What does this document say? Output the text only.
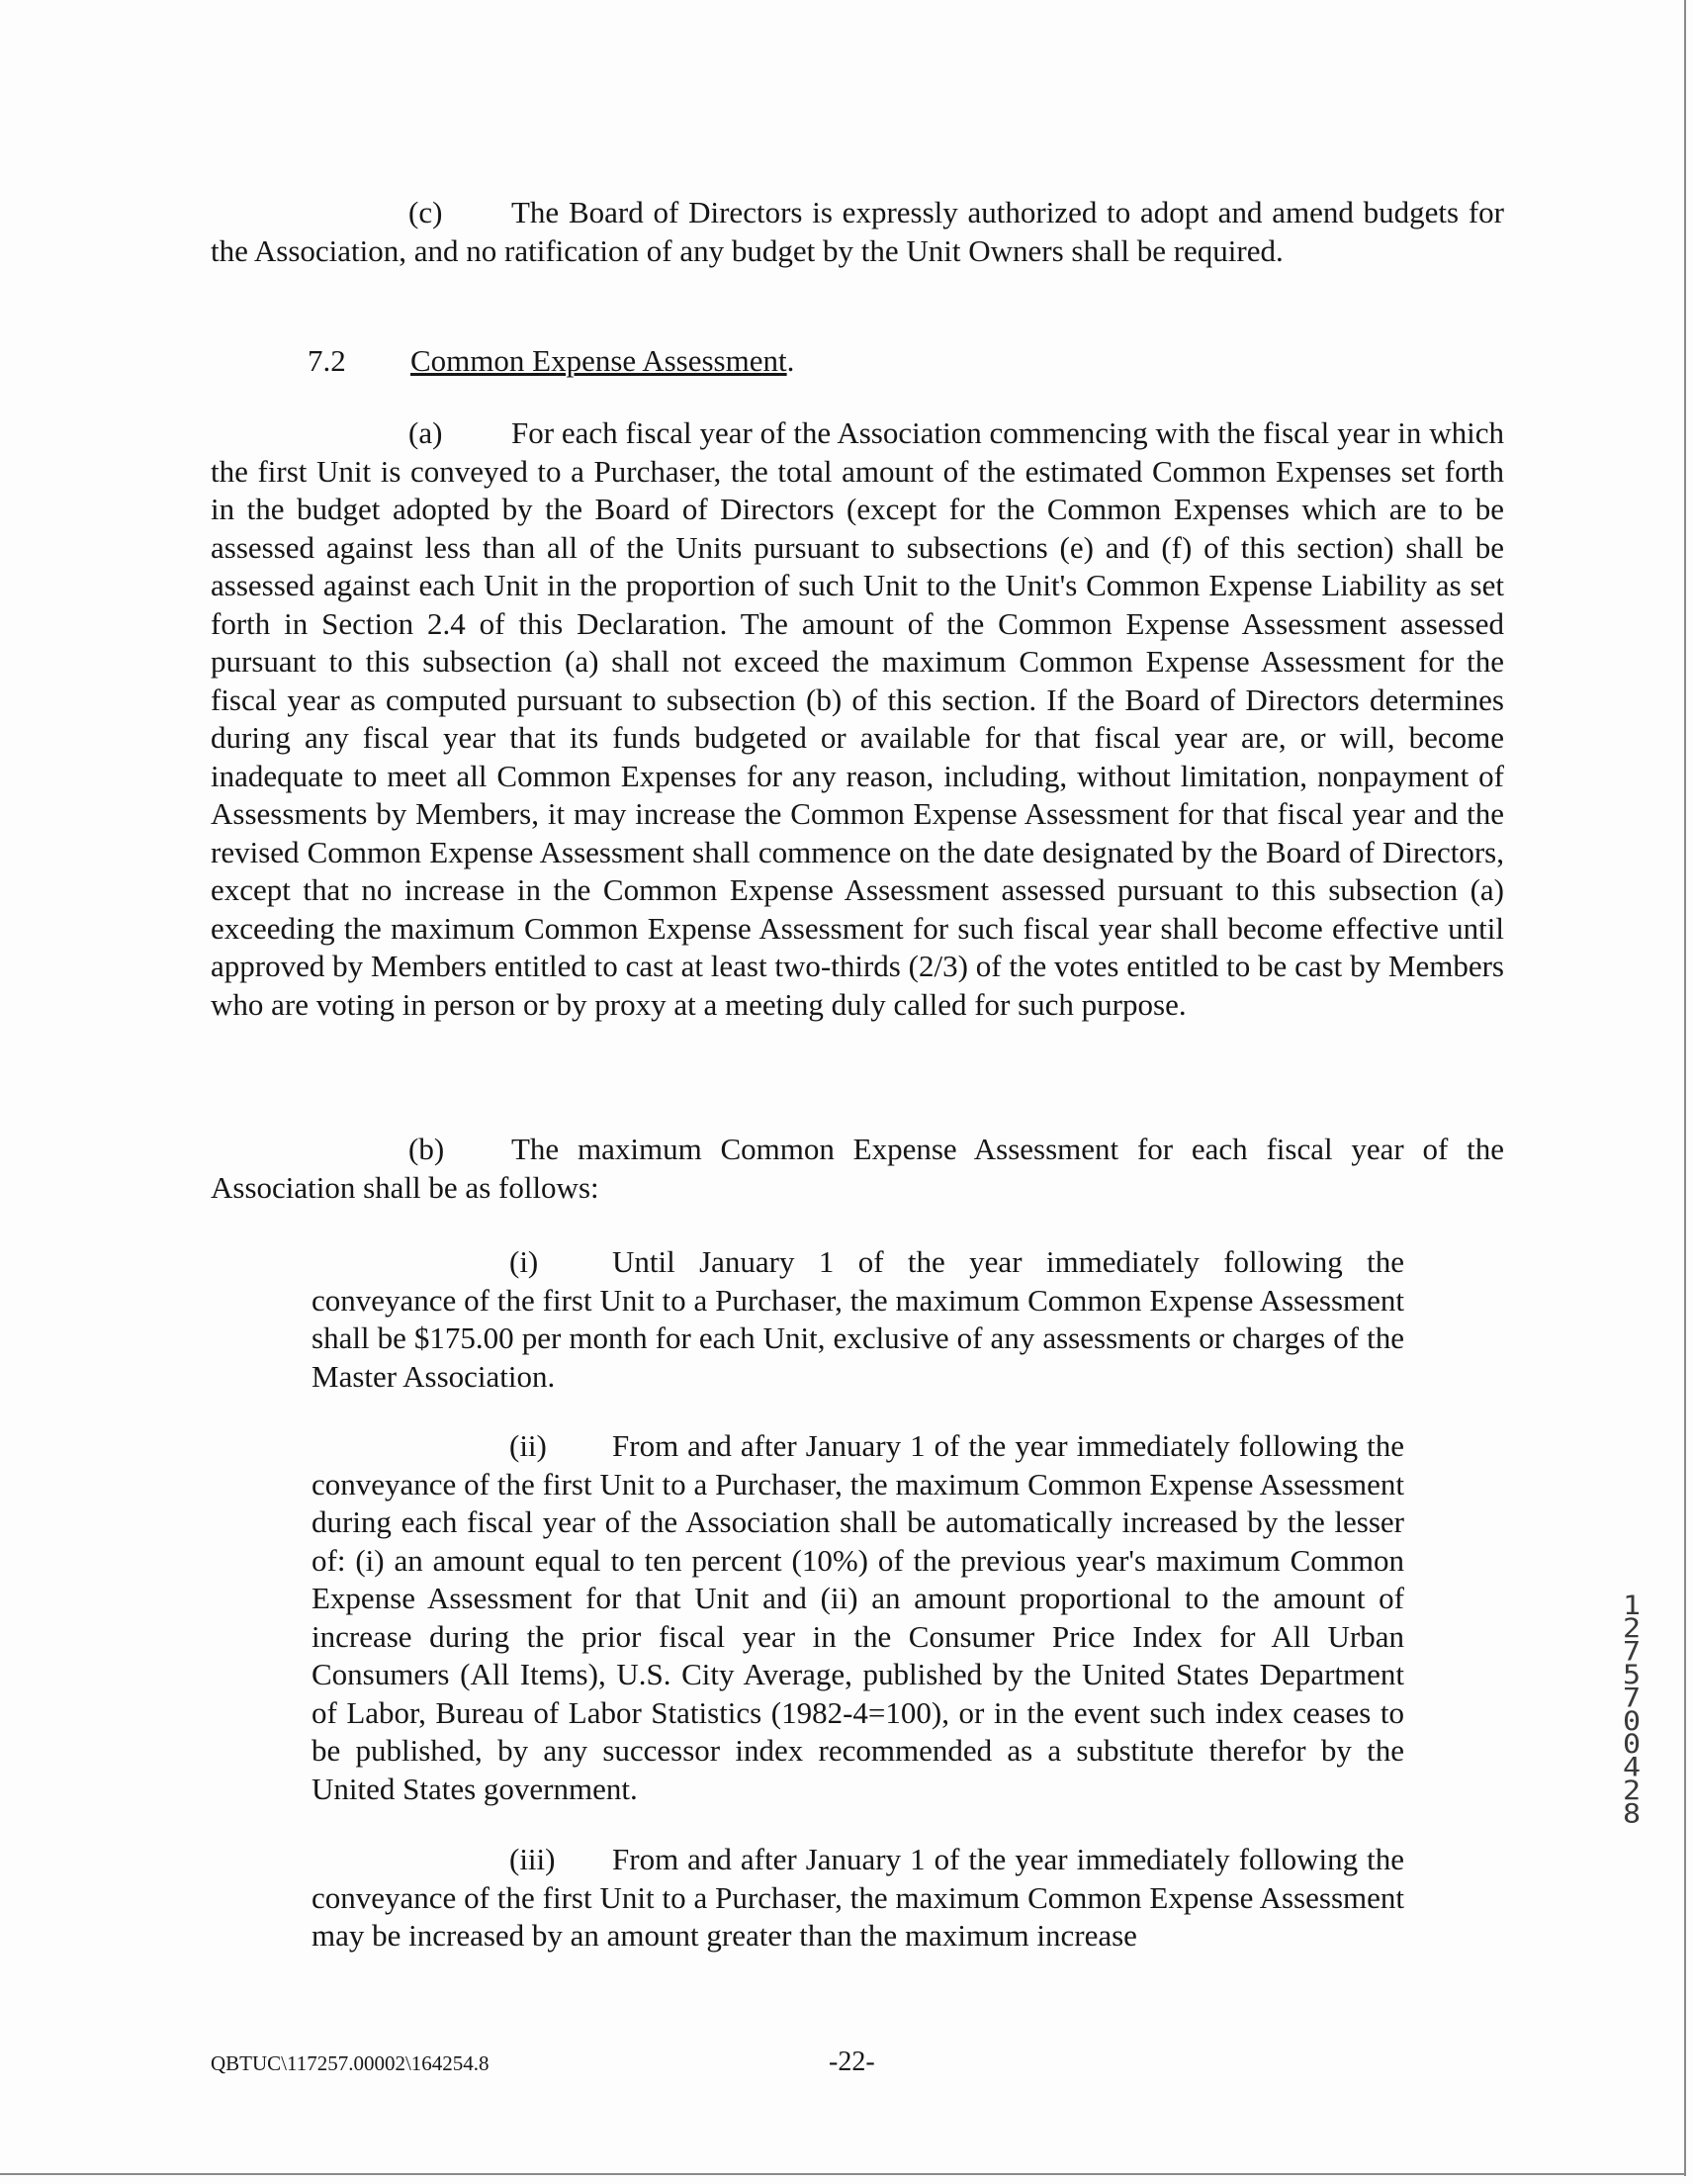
(c) The Board of Directors is expressly authorized to adopt and amend budgets for the Association, and no ratification of any budget by the Unit Owners shall be required.

7.2 Common Expense Assessment.

(a) For each fiscal year of the Association commencing with the fiscal year in which the first Unit is conveyed to a Purchaser, the total amount of the estimated Common Expenses set forth in the budget adopted by the Board of Directors (except for the Common Expenses which are to be assessed against less than all of the Units pursuant to subsections (e) and (f) of this section) shall be assessed against each Unit in the proportion of such Unit to the Unit's Common Expense Liability as set forth in Section 2.4 of this Declaration. The amount of the Common Expense Assessment assessed pursuant to this subsection (a) shall not exceed the maximum Common Expense Assessment for the fiscal year as computed pursuant to subsection (b) of this section. If the Board of Directors determines during any fiscal year that its funds budgeted or available for that fiscal year are, or will, become inadequate to meet all Common Expenses for any reason, including, without limitation, nonpayment of Assessments by Members, it may increase the Common Expense Assessment for that fiscal year and the revised Common Expense Assessment shall commence on the date designated by the Board of Directors, except that no increase in the Common Expense Assessment assessed pursuant to this subsection (a) exceeding the maximum Common Expense Assessment for such fiscal year shall become effective until approved by Members entitled to cast at least two-thirds (2/3) of the votes entitled to be cast by Members who are voting in person or by proxy at a meeting duly called for such purpose.

(b) The maximum Common Expense Assessment for each fiscal year of the Association shall be as follows:

(i) Until January 1 of the year immediately following the conveyance of the first Unit to a Purchaser, the maximum Common Expense Assessment shall be $175.00 per month for each Unit, exclusive of any assessments or charges of the Master Association.

(ii) From and after January 1 of the year immediately following the conveyance of the first Unit to a Purchaser, the maximum Common Expense Assessment during each fiscal year of the Association shall be automatically increased by the lesser of: (i) an amount equal to ten percent (10%) of the previous year's maximum Common Expense Assessment for that Unit and (ii) an amount proportional to the amount of increase during the prior fiscal year in the Consumer Price Index for All Urban Consumers (All Items), U.S. City Average, published by the United States Department of Labor, Bureau of Labor Statistics (1982-4=100), or in the event such index ceases to be published, by any successor index recommended as a substitute therefor by the United States government.

(iii) From and after January 1 of the year immediately following the conveyance of the first Unit to a Purchaser, the maximum Common Expense Assessment may be increased by an amount greater than the maximum increase

12757 00428
QBTUC\117257.00002\164254.8	-22-
